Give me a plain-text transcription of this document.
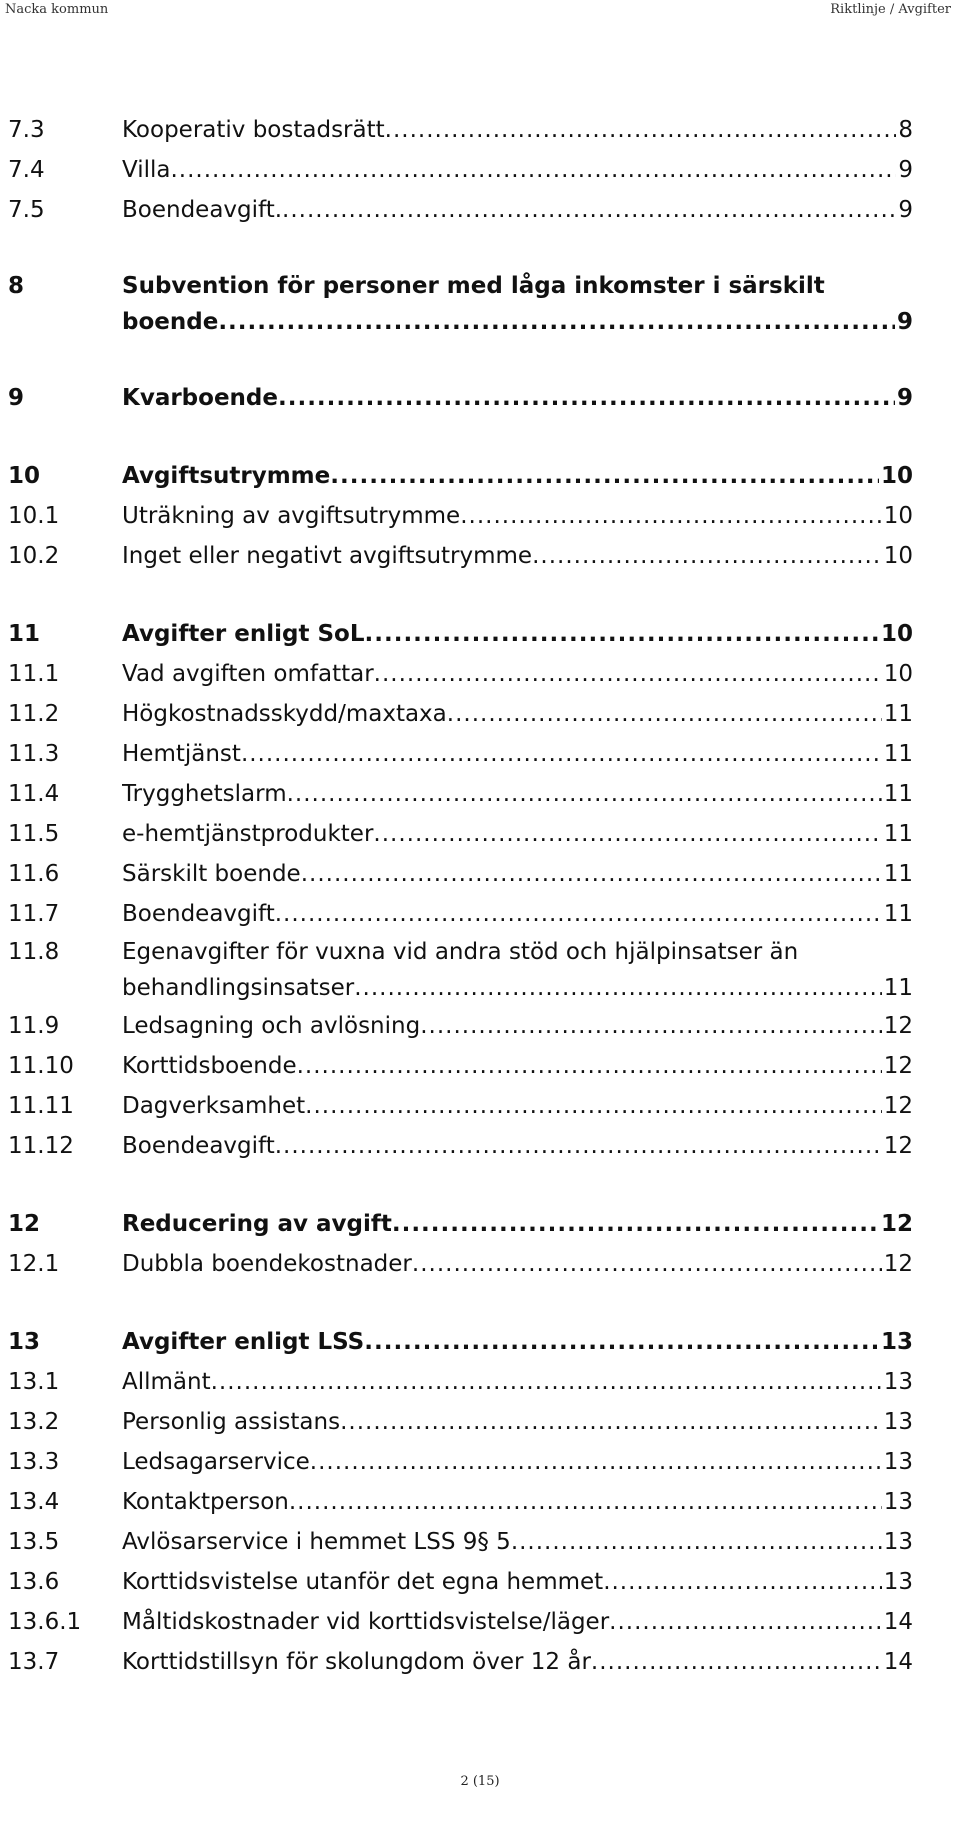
Nacka kommun	Riktlinje / Avgifter
7.3	Kooperativ bostadsrätt .....	8
7.4	Villa .....	9
7.5	Boendeavgift. .....	9
8	Subvention för personer med låga inkomster i särskilt
boende .....	9
9	Kvarboende .....	9
10	Avgiftsutrymme .....	10
10.1	Uträkning av avgiftsutrymme .....	10
10.2	Inget eller negativt avgiftsutrymme .....	10
11	Avgifter enligt SoL .....	10
11.1	Vad avgiften omfattar .....	10
11.2	Högkostnadsskydd/maxtaxa .....	11
11.3	Hemtjänst .....	11
11.4	Trygghetslarm .....	11
11.5	e-hemtjänstprodukter .....	11
11.6	Särskilt boende .....	11
11.7	Boendeavgift .....	11
11.8	Egenavgifter för vuxna vid andra stöd och hjälpinsatser än
behandlingsinsatser .....	11
11.9	Ledsagning och avlösning .....	12
11.10	Korttidsboende .....	12
11.11	Dagverksamhet .....	12
11.12	Boendeavgift .....	12
12	Reducering av avgift .....	12
12.1	Dubbla boendekostnader .....	12
13	Avgifter enligt LSS .....	13
13.1	Allmänt .....	13
13.2	Personlig assistans .....	13
13.3	Ledsagarservice .....	13
13.4	Kontaktperson .....	13
13.5	Avlösarservice i hemmet LSS 9§ 5 .....	13
13.6	Korttidsvistelse utanför det egna hemmet .....	13
13.6.1	Måltidskostnader vid korttidsvistelse/läger .....	14
13.7	Korttidstillsyn för skolungdom över 12 år .....	14
2 (15)
